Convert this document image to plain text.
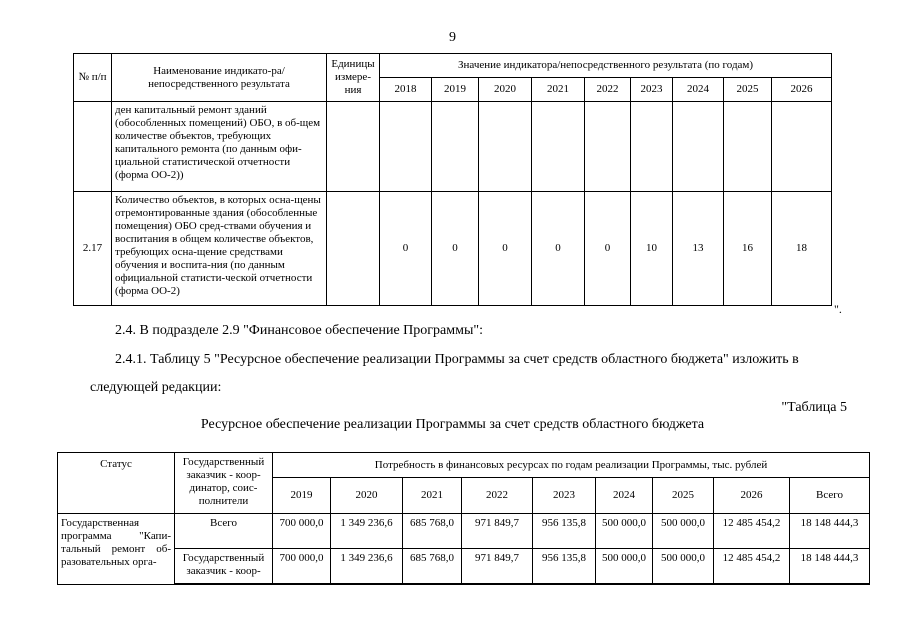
9
№ п/п	Наименование индикато-ра/непосредственного результата	Единицы измере-ния	Значение индикатора/непосредственного результата (по годам)								
			2018	2019	2020	2021	2022	2023	2024	2025	2026
	ден капитальный ремонт зданий (обособленных помещений) ОБО, в об-щем количестве объектов, требующих капитального ремонта (по данным офи-циальной статистической отчетности (форма ОО-2))										
2.17	Количество объектов, в которых осна-щены отремонтированные здания (обособленные помещения) ОБО сред-ствами обучения и воспитания в общем количестве объектов, требующих осна-щение средствами обучения и воспита-ния (по данным официальной статисти-ческой отчетности (форма ОО-2)		0	0	0	0	0	10	13	16	18
".

2.4. В подразделе 2.9 "Финансовое обеспечение Программы":

2.4.1. Таблицу 5 "Ресурсное обеспечение реализации Программы за счет средств областного бюджета" изложить в следующей редакции:

"Таблица 5
Ресурсное обеспечение реализации Программы за счет средств областного бюджета
Статус	Государственный заказчик - коор-динатор, соис-полнители	Потребность в финансовых ресурсах по годам реализации Программы, тыс. рублей								
		2019	2020	2021	2022	2023	2024	2025	2026	Всего
Государственная программа "Капи-тальный ремонт об-разовательных орга-	Всего	700 000,0	1 349 236,6	685 768,0	971 849,7	956 135,8	500 000,0	500 000,0	12 485 454,2	18 148 444,3
	Государственный заказчик - коор-	700 000,0	1 349 236,6	685 768,0	971 849,7	956 135,8	500 000,0	500 000,0	12 485 454,2	18 148 444,3
